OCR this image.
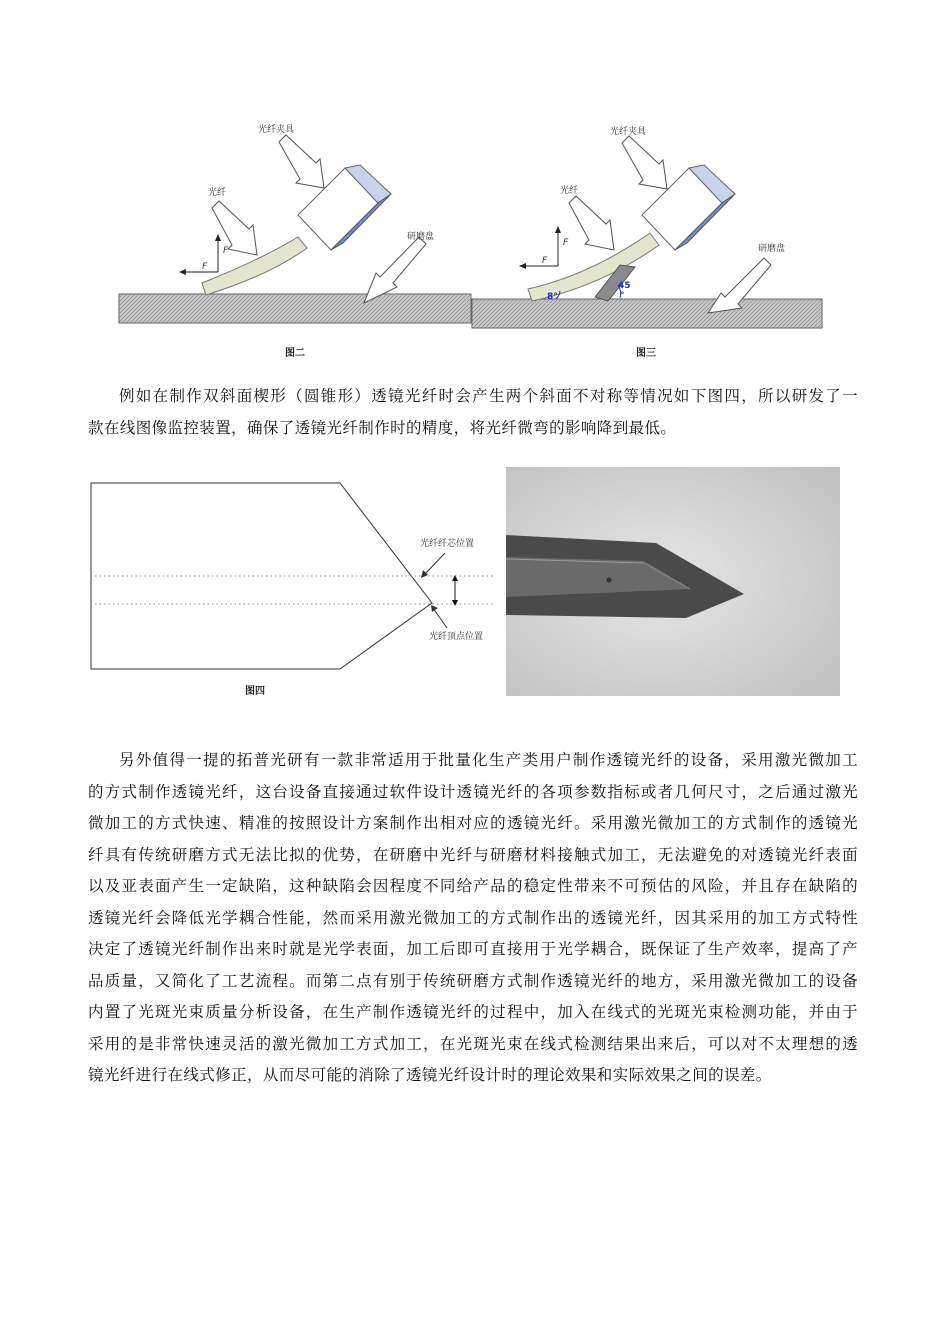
光纤夹具
光纤
研磨盘
F
F
图二
光纤夹具
光纤
研磨盘
F
F
8°
45
°
图三
例如在制作双斜面楔形（圆锥形）透镜光纤时会产生两个斜面不对称等情况如下图四，所以研发了一
款在线图像监控装置，确保了透镜光纤制作时的精度，将光纤微弯的影响降到最低。
光纤纤芯位置
光纤顶点位置
图四
另外值得一提的拓普光研有一款非常适用于批量化生产类用户制作透镜光纤的设备，采用激光微加工
的方式制作透镜光纤，这台设备直接通过软件设计透镜光纤的各项参数指标或者几何尺寸，之后通过激光
微加工的方式快速、精准的按照设计方案制作出相对应的透镜光纤。采用激光微加工的方式制作的透镜光
纤具有传统研磨方式无法比拟的优势，在研磨中光纤与研磨材料接触式加工，无法避免的对透镜光纤表面
以及亚表面产生一定缺陷，这种缺陷会因程度不同给产品的稳定性带来不可预估的风险，并且存在缺陷的
透镜光纤会降低光学耦合性能，然而采用激光微加工的方式制作出的透镜光纤，因其采用的加工方式特性
决定了透镜光纤制作出来时就是光学表面，加工后即可直接用于光学耦合，既保证了生产效率，提高了产
品质量，又简化了工艺流程。而第二点有别于传统研磨方式制作透镜光纤的地方，采用激光微加工的设备
内置了光斑光束质量分析设备，在生产制作透镜光纤的过程中，加入在线式的光斑光束检测功能，并由于
采用的是非常快速灵活的激光微加工方式加工，在光斑光束在线式检测结果出来后，可以对不太理想的透
镜光纤进行在线式修正，从而尽可能的消除了透镜光纤设计时的理论效果和实际效果之间的误差。
